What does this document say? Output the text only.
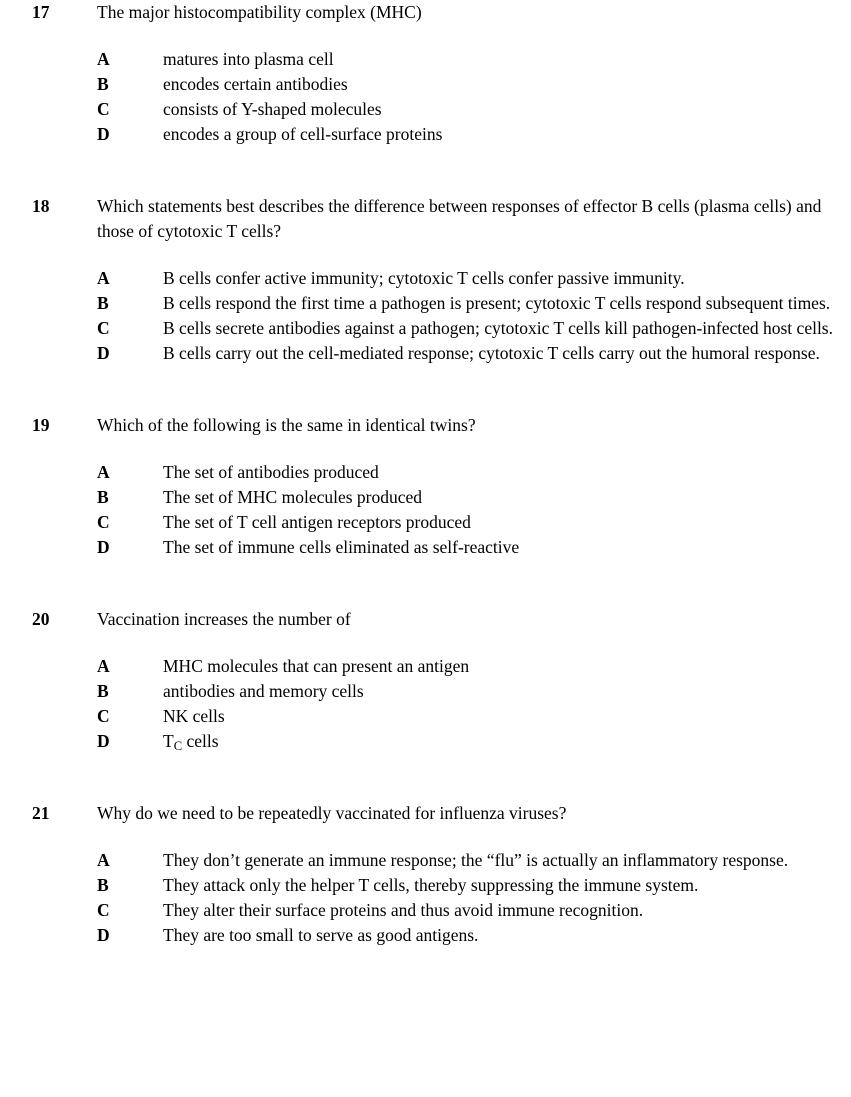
17	The major histocompatibility complex (MHC)
A	matures into plasma cell
B	encodes certain antibodies
C	consists of Y-shaped molecules
D	encodes a group of cell-surface proteins
18	Which statements best describes the difference between responses of effector B cells (plasma cells) and those of cytotoxic T cells?
A	B cells confer active immunity; cytotoxic T cells confer passive immunity.
B	B cells respond the first time a pathogen is present; cytotoxic T cells respond subsequent times.
C	B cells secrete antibodies against a pathogen; cytotoxic T cells kill pathogen-infected host cells.
D	B cells carry out the cell-mediated response; cytotoxic T cells carry out the humoral response.
19	Which of the following is the same in identical twins?
A	The set of antibodies produced
B	The set of MHC molecules produced
C	The set of T cell antigen receptors produced
D	The set of immune cells eliminated as self-reactive
20	Vaccination increases the number of
A	MHC molecules that can present an antigen
B	antibodies and memory cells
C	NK cells
D	$T_C$ cells
21	Why do we need to be repeatedly vaccinated for influenza viruses?
A	They don’t generate an immune response; the “flu” is actually an inflammatory response.
B	They attack only the helper T cells, thereby suppressing the immune system.
C	They alter their surface proteins and thus avoid immune recognition.
D	They are too small to serve as good antigens.
